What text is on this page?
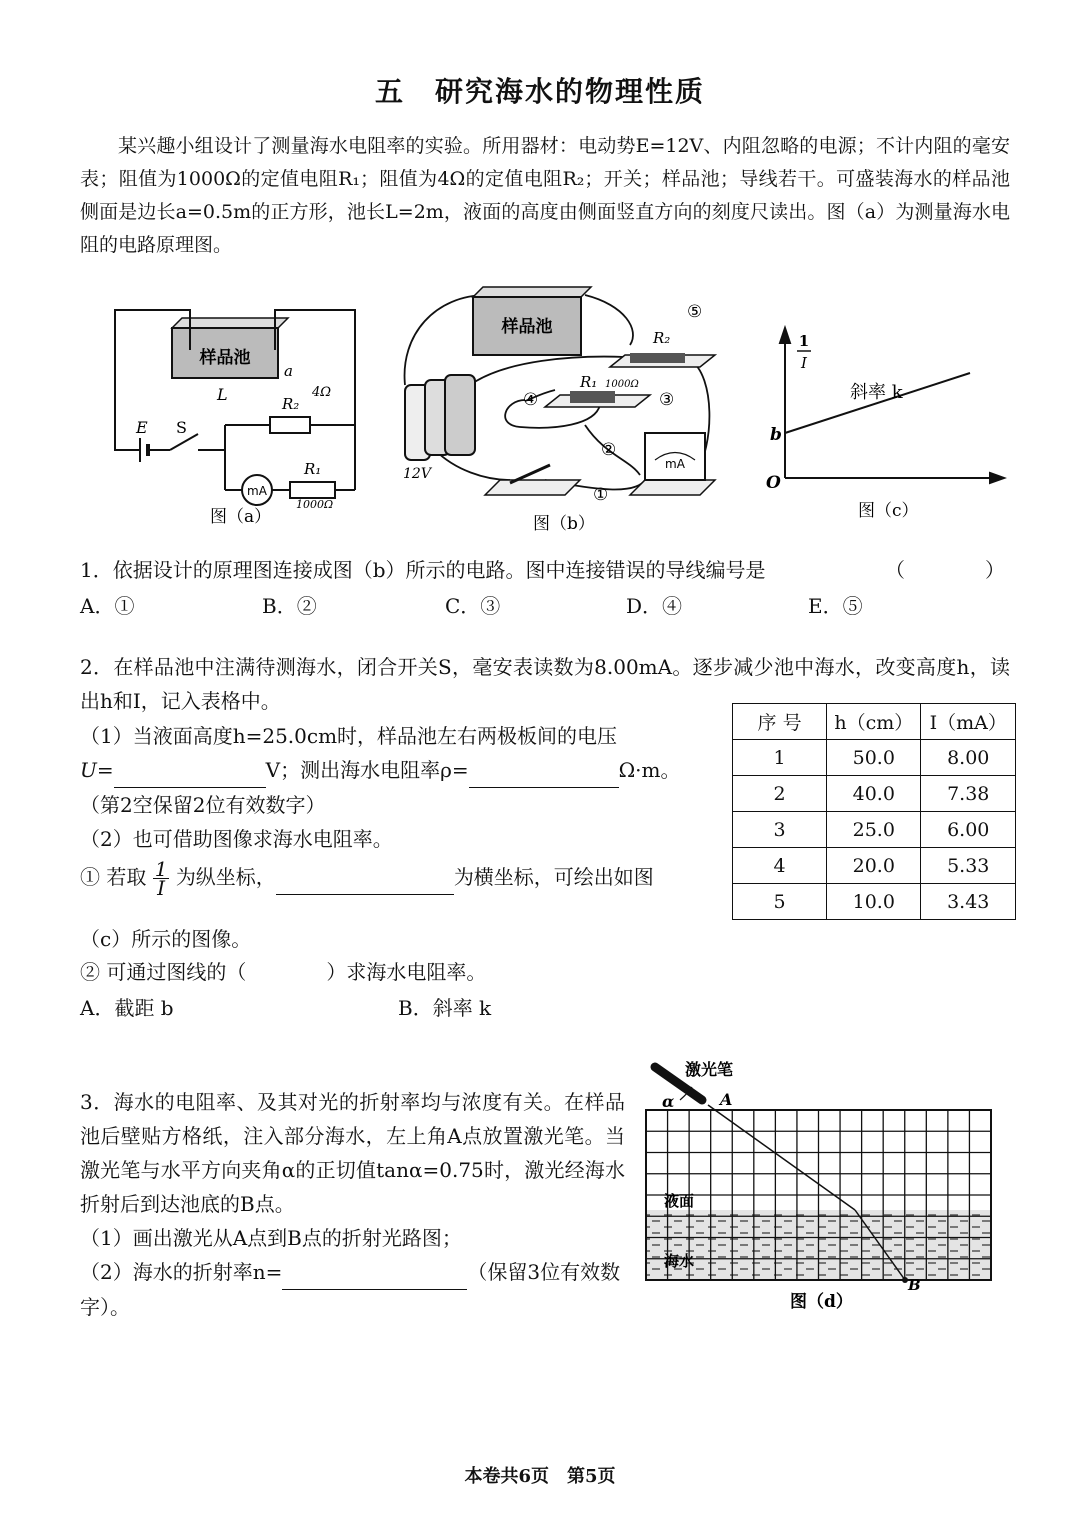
五　研究海水的物理性质
某兴趣小组设计了测量海水电阻率的实验。所用器材：电动势E=12V、内阻忽略的电源；不计内阻的毫安表；阻值为1000Ω的定值电阻R₁；阻值为4Ω的定值电阻R₂；开关；样品池；导线若干。可盛装海水的样品池侧面是边长a=0.5m的正方形，池长L=2m，液面的高度由侧面竖直方向的刻度尺读出。图（a）为测量海水电阻的电路原理图。
样品池
a
L
E S
R₂
4Ω
R₁
1000Ω
mA
图（a）
样品池
R₂
R₁ 1000Ω
12V
mA
①
②
③
④
⑤
图（b）
1
I
斜率 k
b
O
图（c）
1．依据设计的原理图连接成图（b）所示的电路。图中连接错误的导线编号是	（　　　　）
A．①	B．②	C．③	D．④	E．⑤
2．在样品池中注满待测海水，闭合开关S，毫安表读数为8.00mA。逐步减少池中海水，改变高度h，读出h和I，记入表格中。
（1）当液面高度h=25.0cm时，样品池左右两极板间的电压
U=	V；测出海水电阻率ρ=	Ω·m。
（第2空保留2位有效数字）
（2）也可借助图像求海水电阻率。
① 若取 $\frac{1}{I}$ 为纵坐标，	为横坐标，可绘出如图
（c）所示的图像。
② 可通过图线的（　　　　）求海水电阻率。
A．截距 b	B．斜率 k
序 号	h（cm）	I（mA）
1	50.0	8.00
2	40.0	7.38
3	25.0	6.00
4	20.0	5.33
5	10.0	3.43
3．海水的电阻率、及其对光的折射率均与浓度有关。在样品池后壁贴方格纸，注入部分海水，左上角A点放置激光笔。当激光笔与水平方向夹角α的正切值tanα=0.75时，激光经海水折射后到达池底的B点。
（1）画出激光从A点到B点的折射光路图；
（2）海水的折射率n=	（保留3位有效数字）。
激光笔
α	A
B
液面
海水
图（d）
本卷共6页　第5页
